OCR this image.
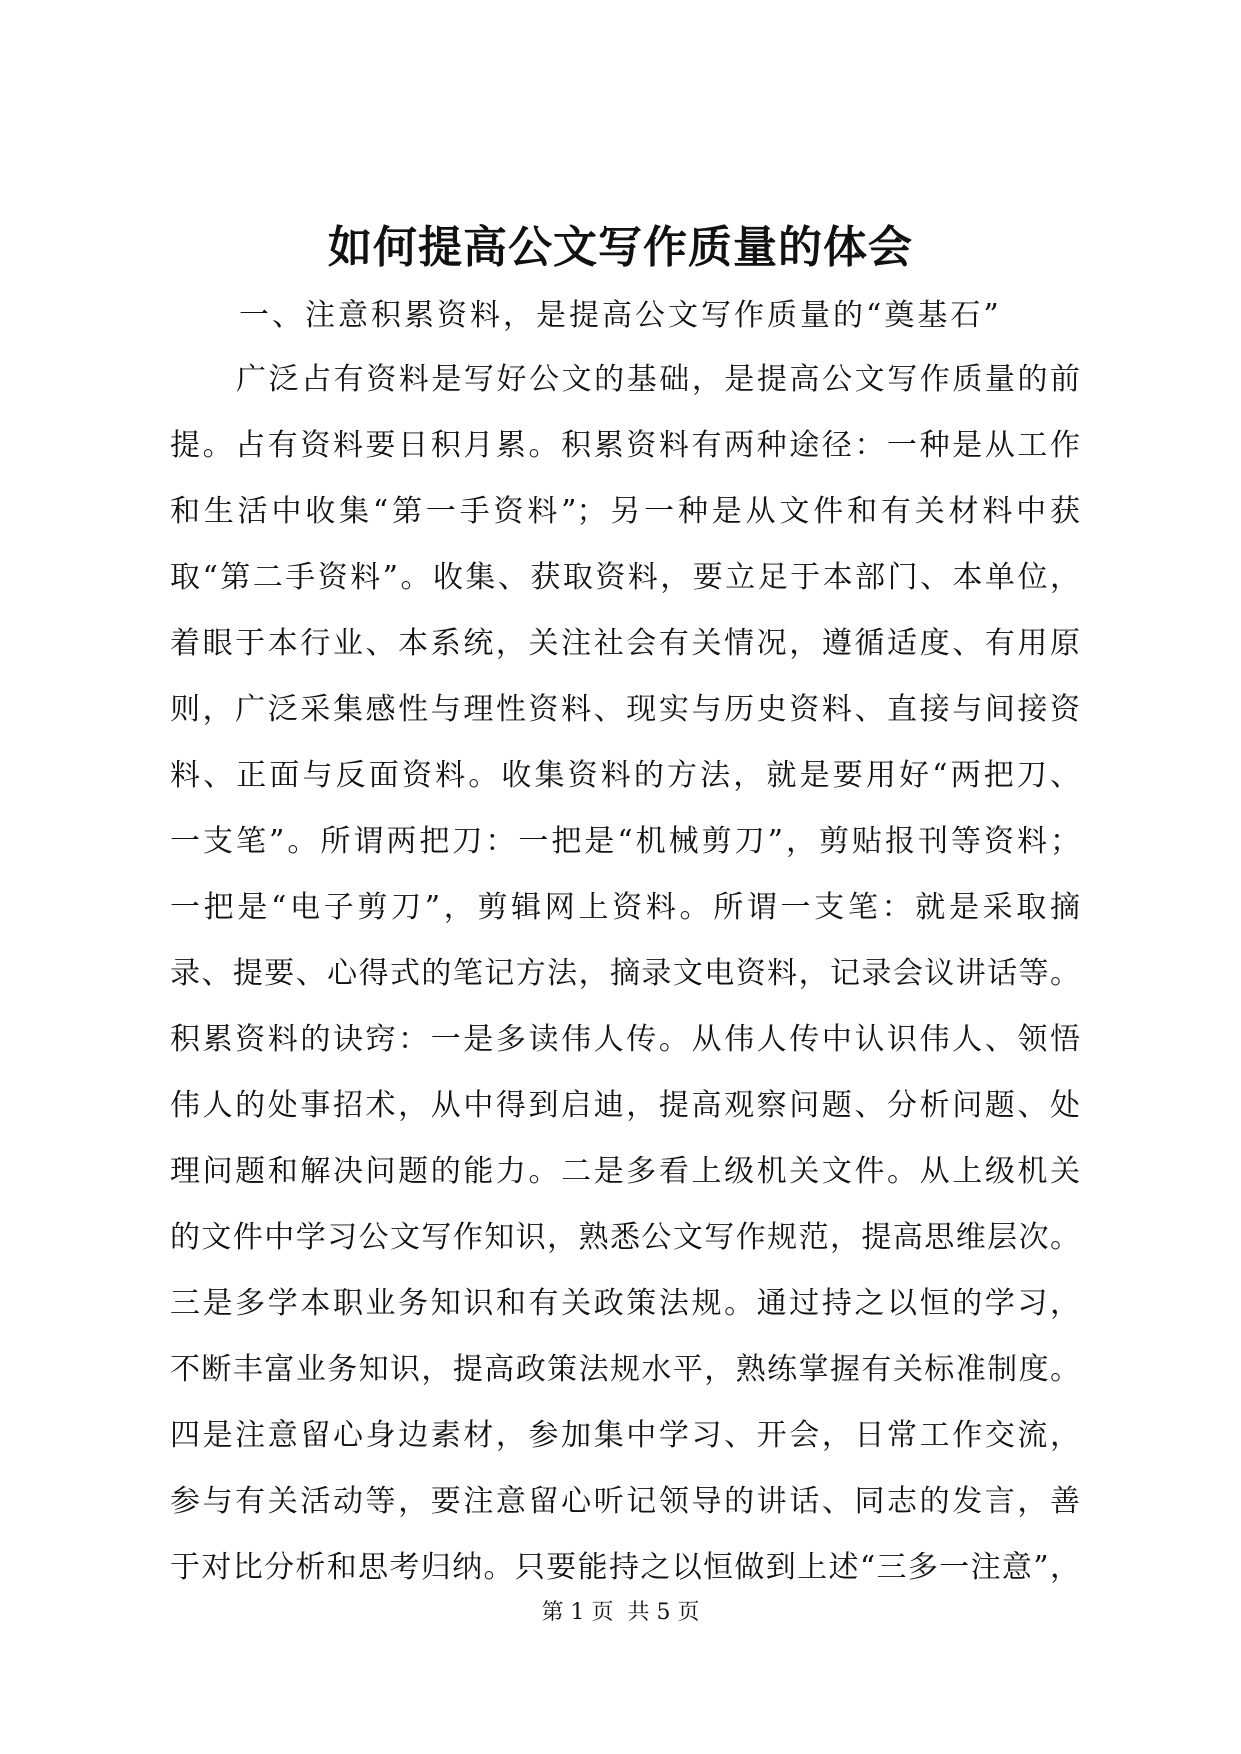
如何提高公文写作质量的体会
一、注意积累资料，是提高公文写作质量的“奠基石”
广泛占有资料是写好公文的基础，是提高公文写作质量的前
提。占有资料要日积月累。积累资料有两种途径：一种是从工作
和生活中收集“第一手资料”；另一种是从文件和有关材料中获
取“第二手资料”。收集、获取资料，要立足于本部门、本单位，
着眼于本行业、本系统，关注社会有关情况，遵循适度、有用原
则，广泛采集感性与理性资料、现实与历史资料、直接与间接资
料、正面与反面资料。收集资料的方法，就是要用好“两把刀、
一支笔”。所谓两把刀：一把是“机械剪刀”，剪贴报刊等资料；
一把是“电子剪刀”，剪辑网上资料。所谓一支笔：就是采取摘
录、提要、心得式的笔记方法，摘录文电资料，记录会议讲话等。
积累资料的诀窍：一是多读伟人传。从伟人传中认识伟人、领悟
伟人的处事招术，从中得到启迪，提高观察问题、分析问题、处
理问题和解决问题的能力。二是多看上级机关文件。从上级机关
的文件中学习公文写作知识，熟悉公文写作规范，提高思维层次。
三是多学本职业务知识和有关政策法规。通过持之以恒的学习，
不断丰富业务知识，提高政策法规水平，熟练掌握有关标准制度。
四是注意留心身边素材，参加集中学习、开会，日常工作交流，
参与有关活动等，要注意留心听记领导的讲话、同志的发言，善
于对比分析和思考归纳。只要能持之以恒做到上述“三多一注意”，
第 1 页  共 5 页
